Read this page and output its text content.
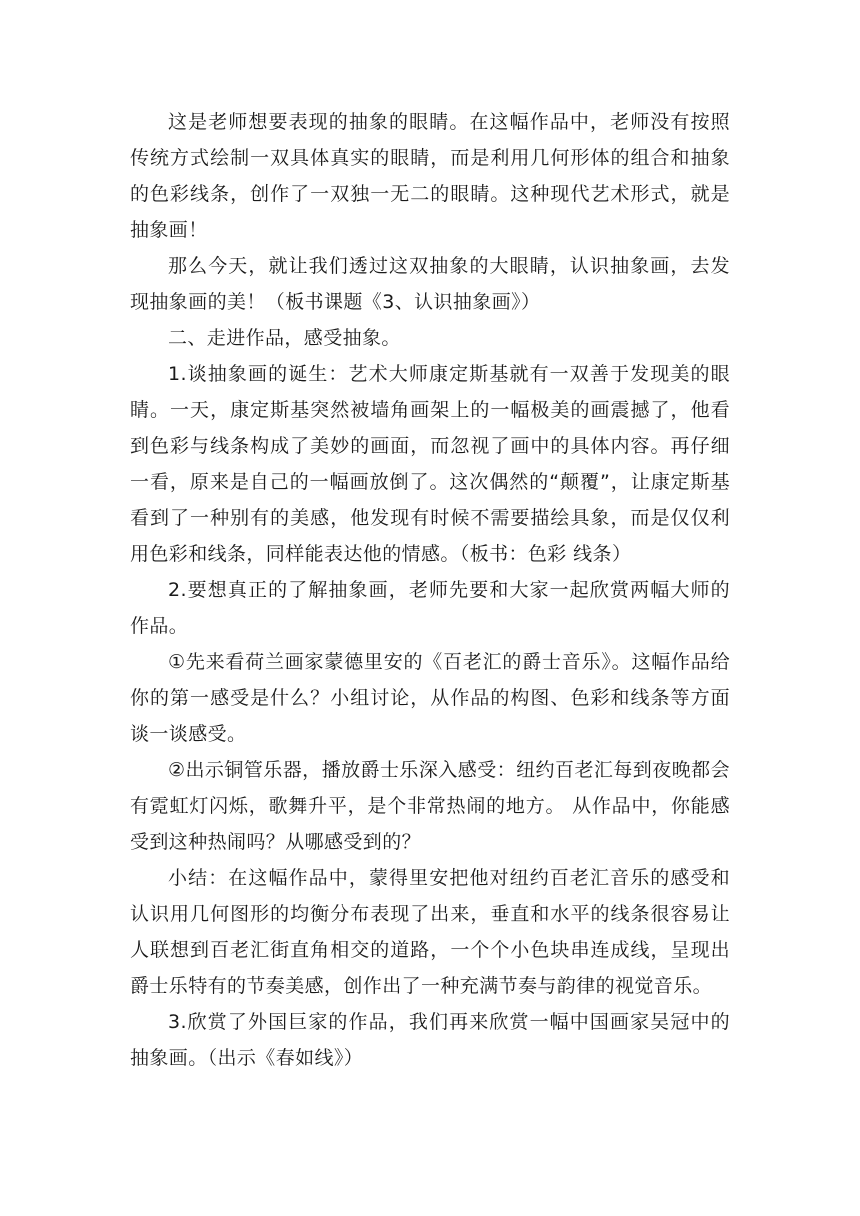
这是老师想要表现的抽象的眼睛。在这幅作品中，老师没有按照传统方式绘制一双具体真实的眼睛，而是利用几何形体的组合和抽象的色彩线条，创作了一双独一无二的眼睛。这种现代艺术形式，就是抽象画！

那么今天，就让我们透过这双抽象的大眼睛，认识抽象画，去发现抽象画的美！（板书课题《3、认识抽象画》）

二、走进作品，感受抽象。

1.谈抽象画的诞生：艺术大师康定斯基就有一双善于发现美的眼睛。一天，康定斯基突然被墙角画架上的一幅极美的画震撼了，他看到色彩与线条构成了美妙的画面，而忽视了画中的具体内容。再仔细一看，原来是自己的一幅画放倒了。这次偶然的“颠覆”，让康定斯基看到了一种别有的美感，他发现有时候不需要描绘具象，而是仅仅利用色彩和线条，同样能表达他的情感。（板书：色彩 线条）

2.要想真正的了解抽象画，老师先要和大家一起欣赏两幅大师的作品。

①先来看荷兰画家蒙德里安的《百老汇的爵士音乐》。这幅作品给你的第一感受是什么？小组讨论，从作品的构图、色彩和线条等方面谈一谈感受。

②出示铜管乐器，播放爵士乐深入感受：纽约百老汇每到夜晚都会有霓虹灯闪烁，歌舞升平，是个非常热闹的地方。 从作品中，你能感受到这种热闹吗？从哪感受到的？

小结：在这幅作品中，蒙得里安把他对纽约百老汇音乐的感受和认识用几何图形的均衡分布表现了出来，垂直和水平的线条很容易让人联想到百老汇街直角相交的道路，一个个小色块串连成线，呈现出爵士乐特有的节奏美感，创作出了一种充满节奏与韵律的视觉音乐。

3.欣赏了外国巨家的作品，我们再来欣赏一幅中国画家吴冠中的抽象画。（出示《春如线》）
